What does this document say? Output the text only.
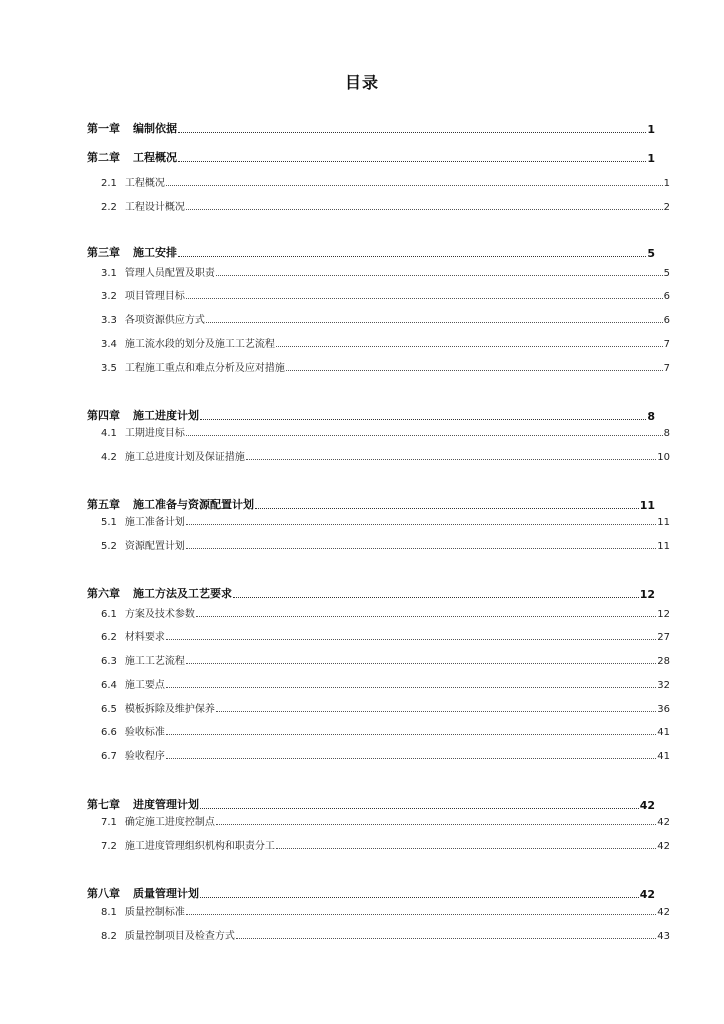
目录
第一章	编制依据	1
第二章	工程概况	1
2.1 工程概况	1
2.2 工程设计概况	2
第三章	施工安排	5
3.1 管理人员配置及职责	5
3.2 项目管理目标	6
3.3 各项资源供应方式	6
3.4 施工流水段的划分及施工工艺流程	7
3.5 工程施工重点和难点分析及应对措施	7
第四章	施工进度计划	8
4.1 工期进度目标	8
4.2 施工总进度计划及保证措施	10
第五章	施工准备与资源配置计划	11
5.1 施工准备计划	11
5.2 资源配置计划	11
第六章	施工方法及工艺要求	12
6.1 方案及技术参数	12
6.2 材料要求	27
6.3 施工工艺流程	28
6.4 施工要点	32
6.5 模板拆除及维护保养	36
6.6 验收标准	41
6.7 验收程序	41
第七章	进度管理计划	42
7.1 确定施工进度控制点	42
7.2 施工进度管理组织机构和职责分工	42
第八章	质量管理计划	42
8.1 质量控制标准	42
8.2 质量控制项目及检查方式	43
